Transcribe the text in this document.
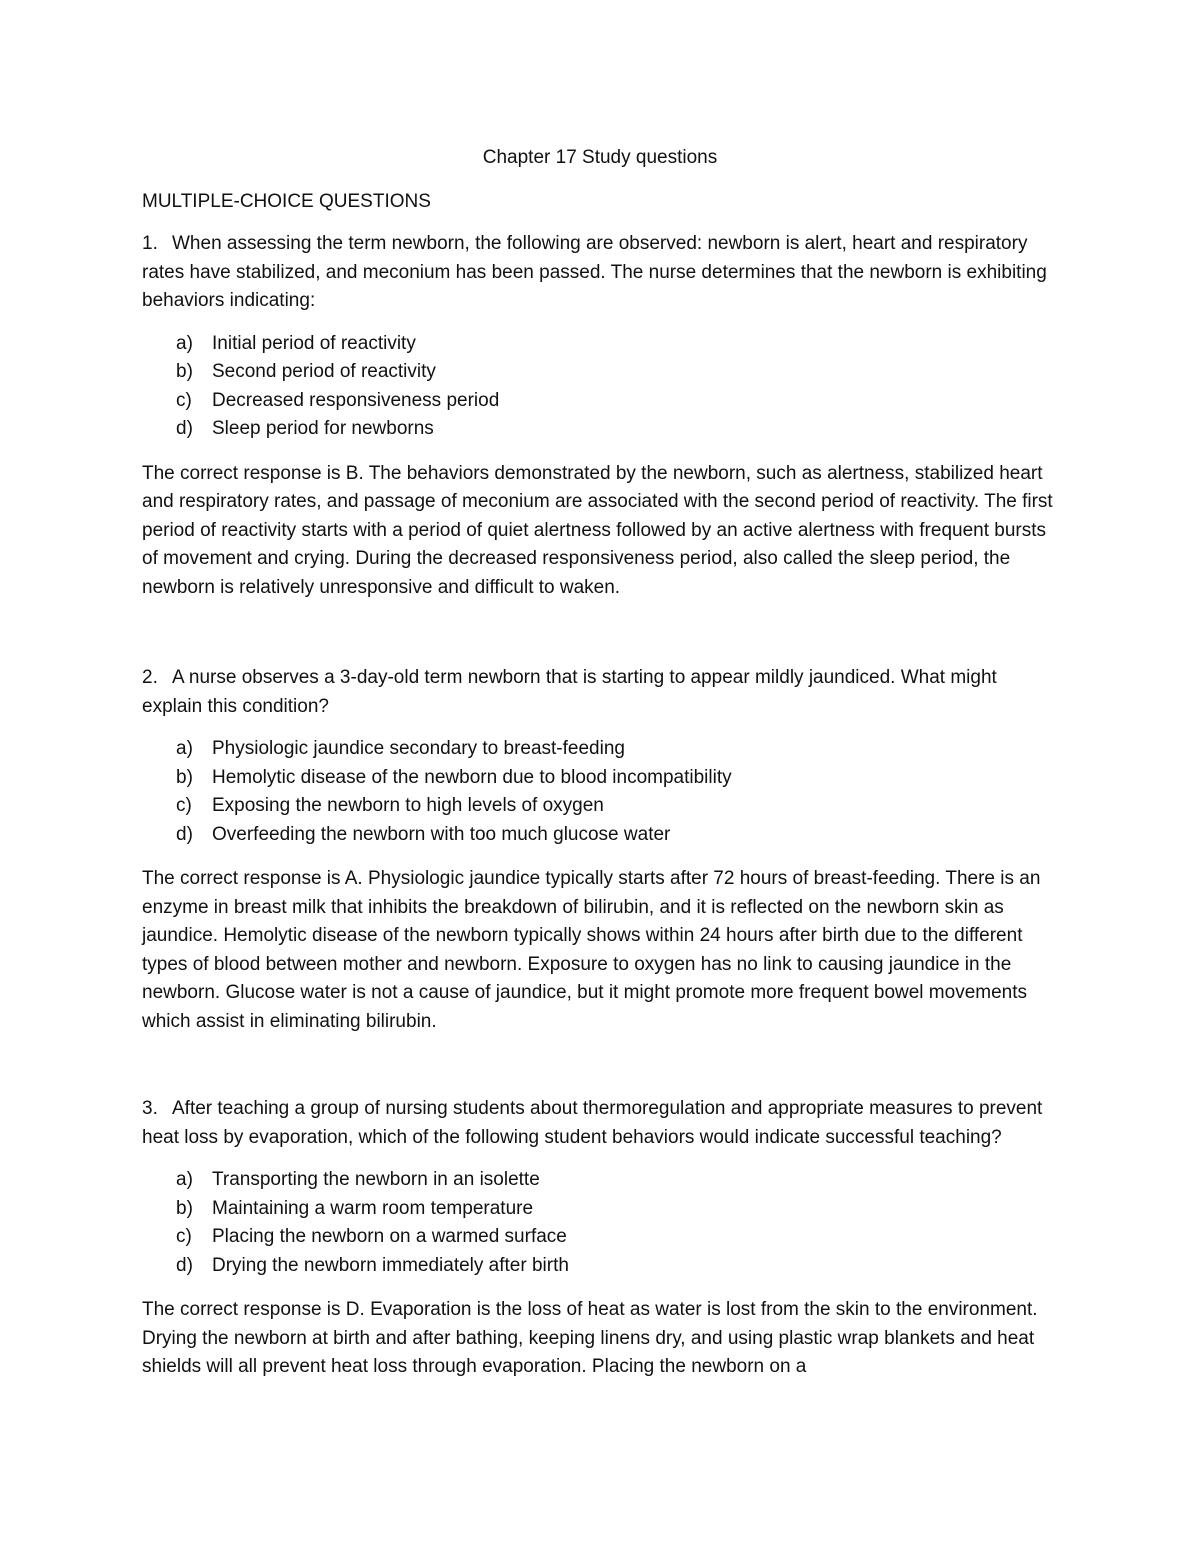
Chapter 17 Study questions
MULTIPLE-CHOICE QUESTIONS

1. When assessing the term newborn, the following are observed: newborn is alert, heart and respiratory rates have stabilized, and meconium has been passed. The nurse determines that the newborn is exhibiting behaviors indicating:

a) Initial period of reactivity
b) Second period of reactivity
c) Decreased responsiveness period
d) Sleep period for newborns

The correct response is B. The behaviors demonstrated by the newborn, such as alertness, stabilized heart and respiratory rates, and passage of meconium are associated with the second period of reactivity. The first period of reactivity starts with a period of quiet alertness followed by an active alertness with frequent bursts of movement and crying. During the decreased responsiveness period, also called the sleep period, the newborn is relatively unresponsive and difficult to waken.

2. A nurse observes a 3-day-old term newborn that is starting to appear mildly jaundiced. What might explain this condition?

a) Physiologic jaundice secondary to breast-feeding
b) Hemolytic disease of the newborn due to blood incompatibility
c) Exposing the newborn to high levels of oxygen
d) Overfeeding the newborn with too much glucose water

The correct response is A. Physiologic jaundice typically starts after 72 hours of breast-feeding. There is an enzyme in breast milk that inhibits the breakdown of bilirubin, and it is reflected on the newborn skin as jaundice. Hemolytic disease of the newborn typically shows within 24 hours after birth due to the different types of blood between mother and newborn. Exposure to oxygen has no link to causing jaundice in the newborn. Glucose water is not a cause of jaundice, but it might promote more frequent bowel movements which assist in eliminating bilirubin.

3. After teaching a group of nursing students about thermoregulation and appropriate measures to prevent heat loss by evaporation, which of the following student behaviors would indicate successful teaching?

a) Transporting the newborn in an isolette
b) Maintaining a warm room temperature
c) Placing the newborn on a warmed surface
d) Drying the newborn immediately after birth

The correct response is D. Evaporation is the loss of heat as water is lost from the skin to the environment. Drying the newborn at birth and after bathing, keeping linens dry, and using plastic wrap blankets and heat shields will all prevent heat loss through evaporation. Placing the newborn on a
